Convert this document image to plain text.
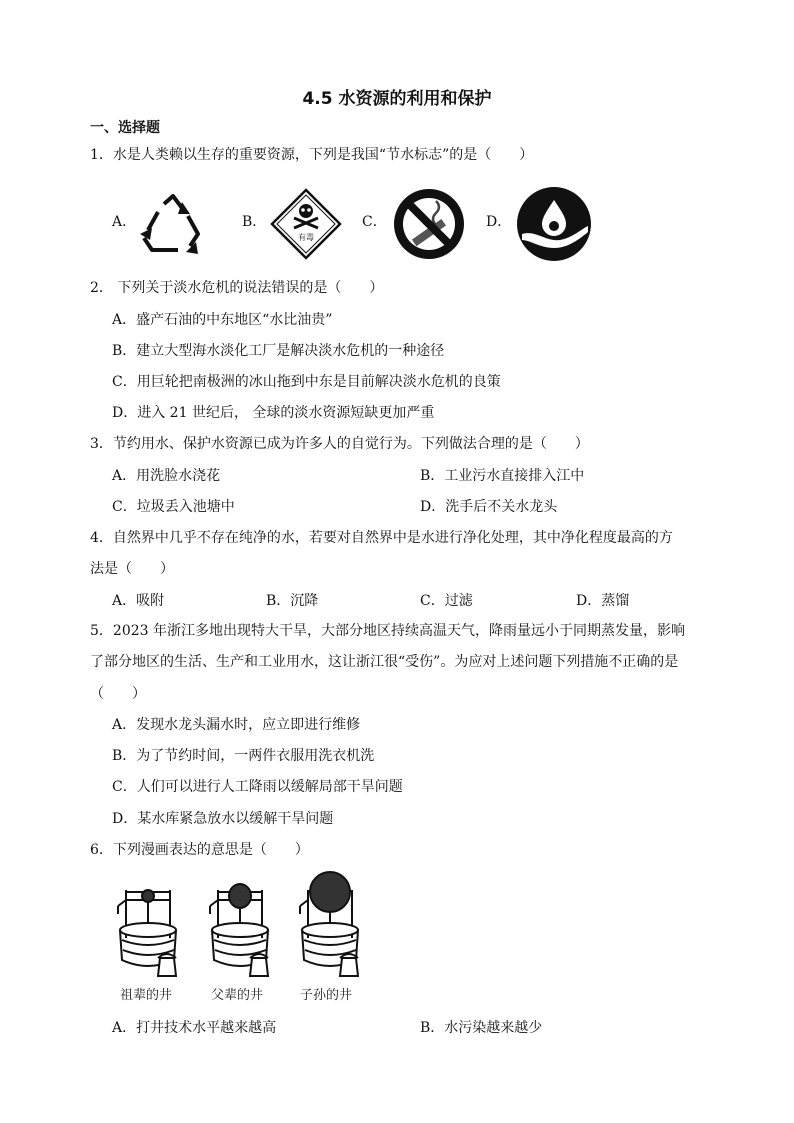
4.5 水资源的利用和保护
一、选择题
1．水是人类赖以生存的重要资源，下列是我国“节水标志”的是（　　）
A．	B．
有毒
C．	D．
2． 下列关于淡水危机的说法错误的是（　　）
A．盛产石油的中东地区“水比油贵”
B．建立大型海水淡化工厂是解决淡水危机的一种途径
C．用巨轮把南极洲的冰山拖到中东是目前解决淡水危机的良策
D．进入 21 世纪后， 全球的淡水资源短缺更加严重
3．节约用水、保护水资源已成为许多人的自觉行为。下列做法合理的是（　　）
A．用洗脸水浇花	B．工业污水直接排入江中
C．垃圾丢入池塘中	D．洗手后不关水龙头
4．自然界中几乎不存在纯净的水，若要对自然界中是水进行净化处理，其中净化程度最高的方
法是（　　）
A．吸附	B．沉降	C．过滤	D．蒸馏
5．2023 年浙江多地出现特大干旱，大部分地区持续高温天气，降雨量远小于同期蒸发量，影响
了部分地区的生活、生产和工业用水，这让浙江很“受伤”。为应对上述问题下列措施不正确的是
（　　）
A．发现水龙头漏水时，应立即进行维修
B．为了节约时间，一两件衣服用洗衣机洗
C．人们可以进行人工降雨以缓解局部干旱问题
D．某水库紧急放水以缓解干旱问题
6．下列漫画表达的意思是（　　）
祖辈的井	父辈的井	子孙的井
A．打井技术水平越来越高	B．水污染越来越少
